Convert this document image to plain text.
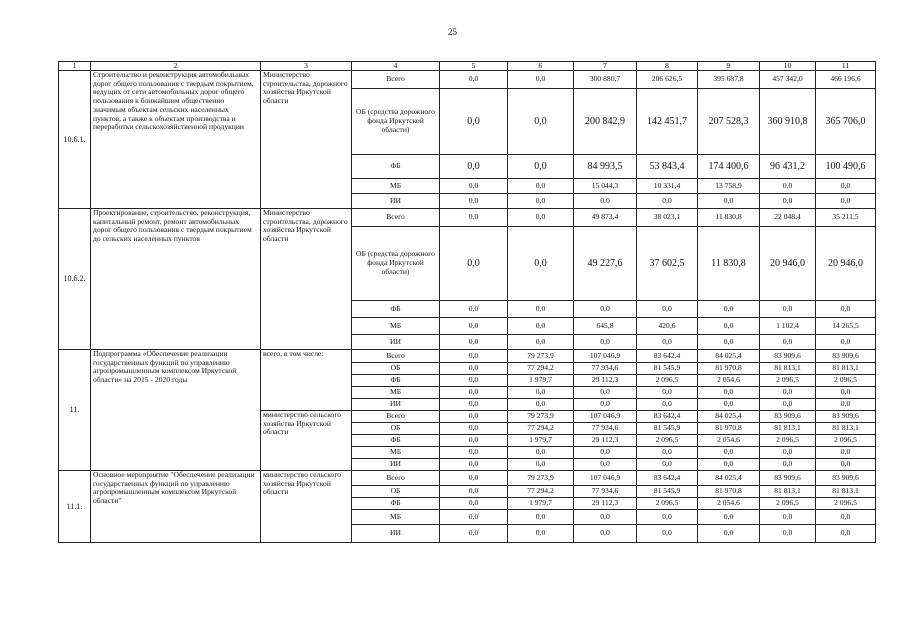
25
1	2	3	4	5	6	7	8	9	10	11
10.6.1.	Строительство и реконструкция автомобильных дорог общего пользования с твердым покрытием, ведущих от сети автомобильных дорог общего пользования к ближайшим общественно значимым объектам сельских населенных пунктов, а также к объектам производства и переработки сельскохозяйственной продукции	Министерство строительства, дорожного хозяйства Иркутской области	Всего	0,0	0,0	300 880,7	206 626,5	395 687,8	457 342,0	466 196,6
			ОБ (средства дорожного фонда Иркутской области)	0,0	0,0	200 842,9	142 451,7	207 528,3	360 910,8	365 706,0
			ФБ	0,0	0,0	84 993,5	53 843,4	174 400,6	96 431,2	100 490,6
			МБ	0,0	0,0	15 044,3	10 331,4	13 758,9	0,0	0,0
			ИИ	0,0	0,0	0,0	0,0	0,0	0,0	0,0
10.6.2.	Проектирование, строительство, реконструкция, капитальный ремонт, ремонт автомобильных дорог общего пользования с твердым покрытием до сельских населенных пунктов	Министерство строительства, дорожного хозяйства Иркутской области	Всего	0,0	0,0	49 873,4	38 023,1	11 830,8	22 048,4	35 211,5
			ОБ (средства дорожного фонда Иркутской области)	0,0	0,0	49 227,6	37 602,5	11 830,8	20 946,0	20 946,0
			ФБ	0,0	0,0	0,0	0,0	0,0	0,0	0,0
			МБ	0,0	0,0	645,8	420,6	0,0	1 102,4	14 265,5
			ИИ	0,0	0,0	0,0	0,0	0,0	0,0	0,0
11.	Подпрограмма «Обеспечение реализации государственных функций по управлению агропромышленным комплексом Иркутской области» на 2015 - 2020 годы	всего, в том числе:	Всего	0,0	79 273,9	107 046,9	83 642,4	84 025,4	83 909,6	83 909,6
			ОБ	0,0	77 294,2	77 934,6	81 545,9	81 970,8	81 813,1	81 813,1
			ФБ	0,0	1 979,7	29 112,3	2 096,5	2 054,6	2 096,5	2 096,5
			МБ	0,0	0,0	0,0	0,0	0,0	0,0	0,0
			ИИ	0,0	0,0	0,0	0,0	0,0	0,0	0,0
		министерство сельского хозяйства Иркутской области	Всего	0,0	79 273,9	107 046,9	83 642,4	84 025,4	83 909,6	83 909,6
			ОБ	0,0	77 294,2	77 934,6	81 545,9	81 970,8	81 813,1	81 813,1
			ФБ	0,0	1 979,7	29 112,3	2 096,5	2 054,6	2 096,5	2 096,5
			МБ	0,0	0,0	0,0	0,0	0,0	0,0	0,0
			ИИ	0,0	0,0	0,0	0,0	0,0	0,0	0,0
11.1.	Основное мероприятие "Обеспечение реализации государственных функций по управлению агропромышленным комплексом Иркутской области"	министерство сельского хозяйства Иркутской области	Всего	0,0	79 273,9	107 046,9	83 642,4	84 025,4	83 909,6	83 909,6
			ОБ	0,0	77 294,2	77 934,6	81 545,9	81 970,8	81 813,1	81 813,1
			ФБ	0,0	1 979,7	29 112,3	2 096,5	2 054,6	2 096,5	2 096,5
			МБ	0,0	0,0	0,0	0,0	0,0	0,0	0,0
			ИИ	0,0	0,0	0,0	0,0	0,0	0,0	0,0
